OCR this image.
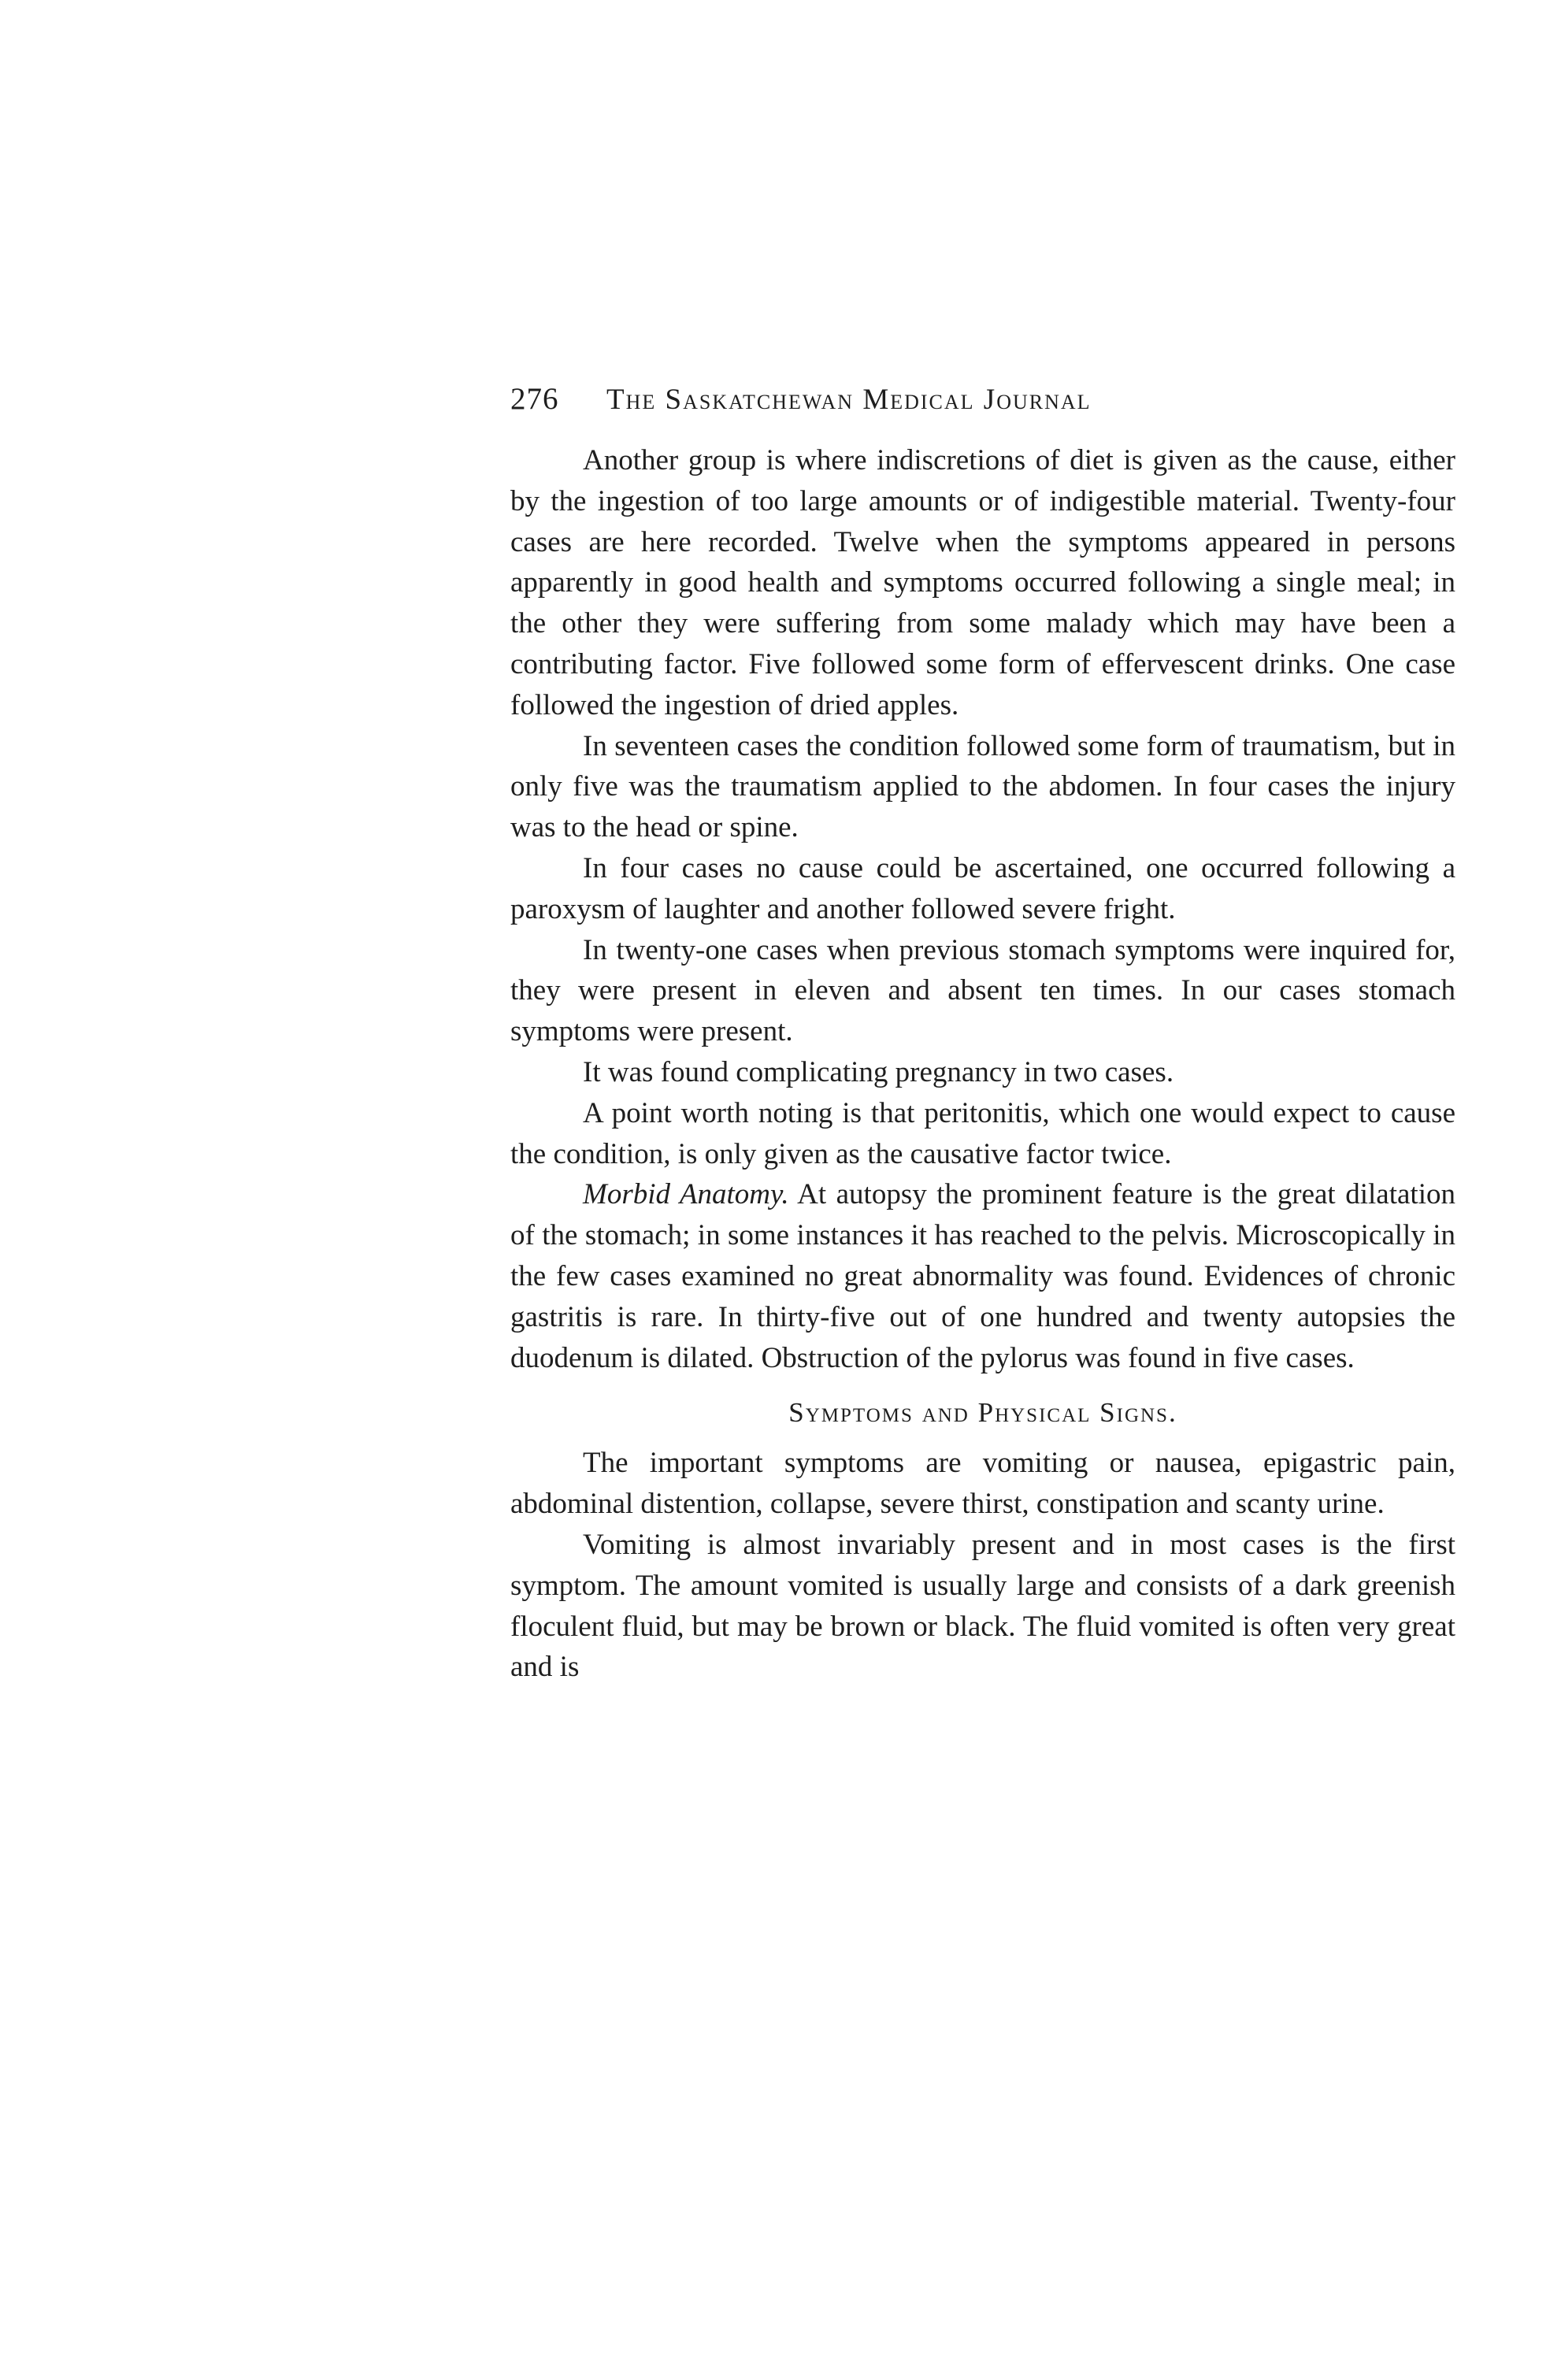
276	The Saskatchewan Medical Journal

Another group is where indiscretions of diet is given as the cause, either by the ingestion of too large amounts or of indigestible material. Twenty-four cases are here recorded. Twelve when the symptoms appeared in persons apparently in good health and symptoms occurred following a single meal; in the other they were suffering from some malady which may have been a contributing factor. Five followed some form of effervescent drinks. One case followed the ingestion of dried apples.

In seventeen cases the condition followed some form of traumatism, but in only five was the traumatism applied to the abdomen. In four cases the injury was to the head or spine.

In four cases no cause could be ascertained, one occurred following a paroxysm of laughter and another followed severe fright.

In twenty-one cases when previous stomach symptoms were inquired for, they were present in eleven and absent ten times. In our cases stomach symptoms were present.

It was found complicating pregnancy in two cases.

A point worth noting is that peritonitis, which one would expect to cause the condition, is only given as the causative factor twice.

Morbid Anatomy. At autopsy the prominent feature is the great dilatation of the stomach; in some instances it has reached to the pelvis. Microscopically in the few cases examined no great abnormality was found. Evidences of chronic gastritis is rare. In thirty-five out of one hundred and twenty autopsies the duodenum is dilated. Obstruction of the pylorus was found in five cases.

Symptoms and Physical Signs.

The important symptoms are vomiting or nausea, epigastric pain, abdominal distention, collapse, severe thirst, constipation and scanty urine.

Vomiting is almost invariably present and in most cases is the first symptom. The amount vomited is usually large and consists of a dark greenish floculent fluid, but may be brown or black. The fluid vomited is often very great and is
